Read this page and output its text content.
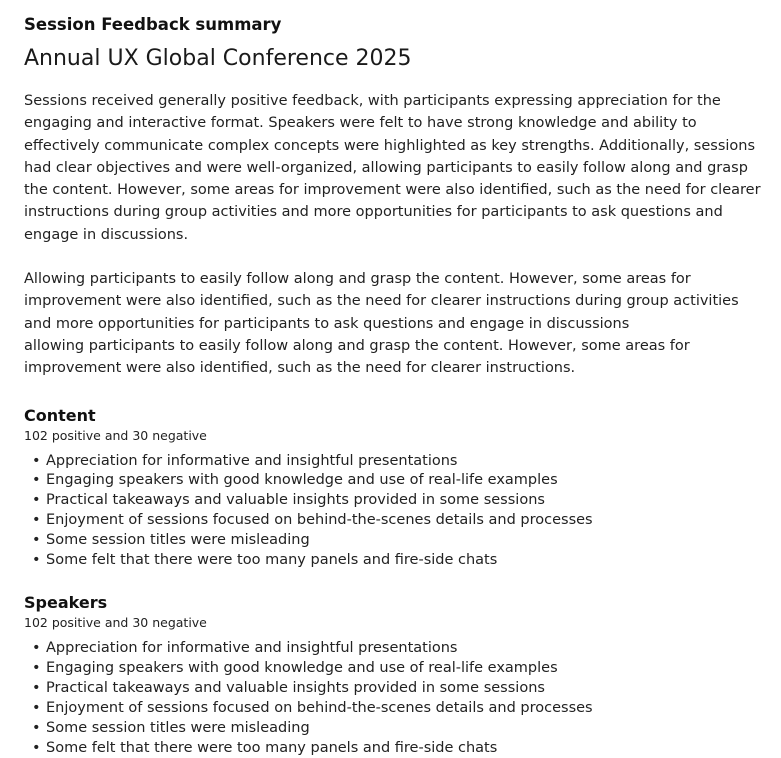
Session Feedback summary
Annual UX Global Conference 2025

Sessions received generally positive feedback, with participants expressing appreciation for the engaging and interactive format. Speakers were felt to have strong knowledge and ability to effectively communicate complex concepts were highlighted as key strengths. Additionally, sessions had clear objectives and were well-organized, allowing participants to easily follow along and grasp the content. However, some areas for improvement were also identified, such as the need for clearer instructions during group activities and more opportunities for participants to ask questions and engage in discussions.

Allowing participants to easily follow along and grasp the content. However, some areas for improvement were also identified, such as the need for clearer instructions during group activities and more opportunities for participants to ask questions and engage in discussions
allowing participants to easily follow along and grasp the content. However, some areas for improvement were also identified, such as the need for clearer instructions.

Content
102 positive and 30 negative
• Appreciation for informative and insightful presentations
• Engaging speakers with good knowledge and use of real-life examples
• Practical takeaways and valuable insights provided in some sessions
• Enjoyment of sessions focused on behind-the-scenes details and processes
• Some session titles were misleading
• Some felt that there were too many panels and fire-side chats
Speakers
102 positive and 30 negative
• Appreciation for informative and insightful presentations
• Engaging speakers with good knowledge and use of real-life examples
• Practical takeaways and valuable insights provided in some sessions
• Enjoyment of sessions focused on behind-the-scenes details and processes
• Some session titles were misleading
• Some felt that there were too many panels and fire-side chats
